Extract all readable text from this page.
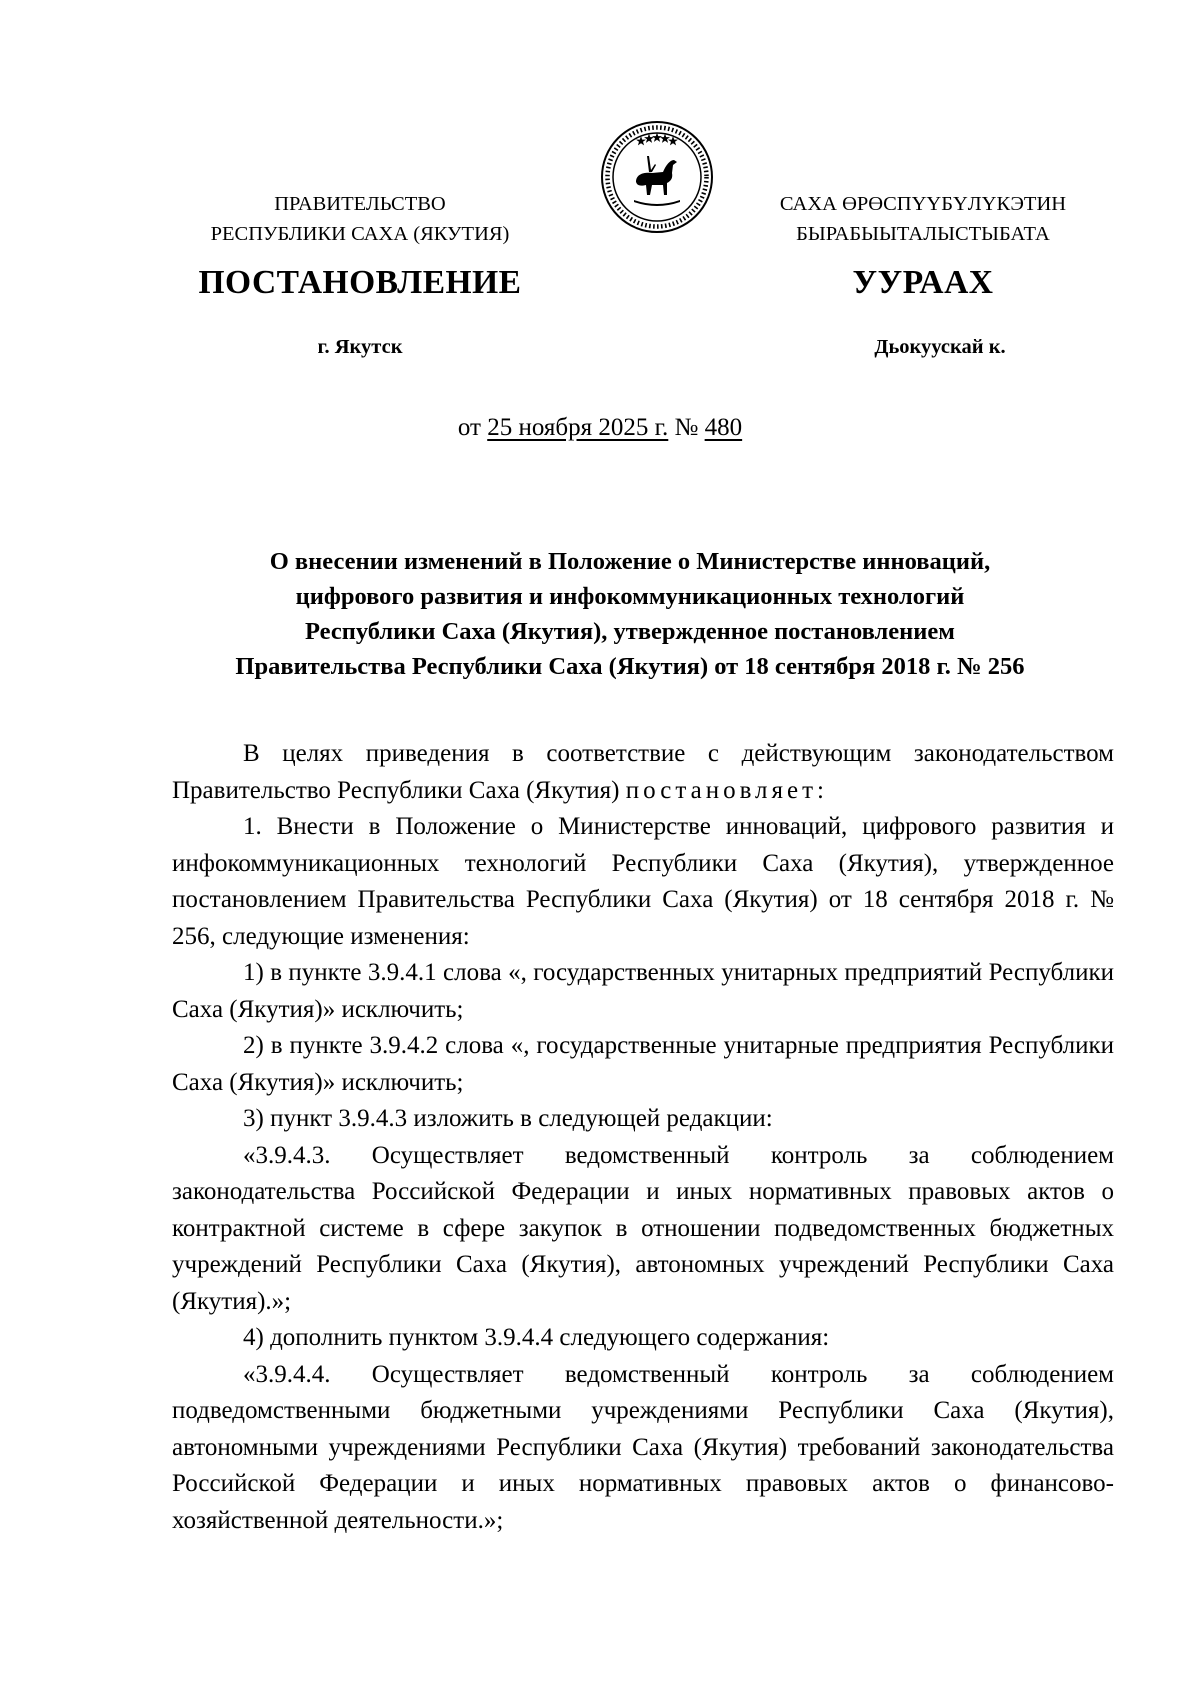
ПРАВИТЕЛЬСТВО
РЕСПУБЛИКИ САХА (ЯКУТИЯ)
САХА ӨРӨСПҮҮБҮЛҮКЭТИН
БЫРАБЫЫТАЛЫСТЫБАТА
ПОСТАНОВЛЕНИЕ	УУРААХ
г. Якутск	Дьокуускай к.
от 25 ноября 2025 г. № 480
О внесении изменений в Положение о Министерстве инноваций,
цифрового развития и инфокоммуникационных технологий
Республики Саха (Якутия), утвержденное постановлением
Правительства Республики Саха (Якутия) от 18 сентября 2018 г. № 256

В целях приведения в соответствие с действующим законодательством Правительство Республики Саха (Якутия) постановляет:

1. Внести в Положение о Министерстве инноваций, цифрового развития и инфокоммуникационных технологий Республики Саха (Якутия), утвержденное постановлением Правительства Республики Саха (Якутия) от 18 сентября 2018 г. № 256, следующие изменения:

1) в пункте 3.9.4.1 слова «, государственных унитарных предприятий Республики Саха (Якутия)» исключить;

2) в пункте 3.9.4.2 слова «, государственные унитарные предприятия Республики Саха (Якутия)» исключить;

3) пункт 3.9.4.3 изложить в следующей редакции:

«3.9.4.3. Осуществляет ведомственный контроль за соблюдением законодательства Российской Федерации и иных нормативных правовых актов о контрактной системе в сфере закупок в отношении подведомственных бюджетных учреждений Республики Саха (Якутия), автономных учреждений Республики Саха (Якутия).»;

4) дополнить пунктом 3.9.4.4 следующего содержания:

«3.9.4.4. Осуществляет ведомственный контроль за соблюдением подведомственными бюджетными учреждениями Республики Саха (Якутия), автономными учреждениями Республики Саха (Якутия) требований законодательства Российской Федерации и иных нормативных правовых актов о финансово-хозяйственной деятельности.»;
